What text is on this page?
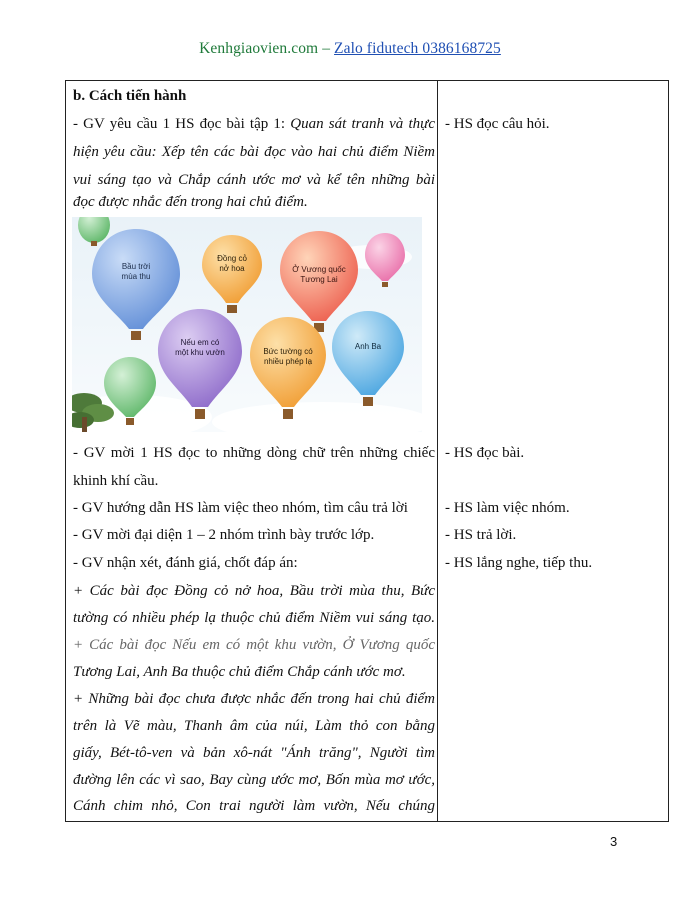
Kenhgiaovien.com – Zalo fidutech 0386168725
b. Cách tiến hành
- GV yêu cầu 1 HS đọc bài tập 1: Quan sát tranh và thực
hiện yêu cầu: Xếp tên các bài đọc vào hai chủ điểm Niềm
vui sáng tạo và Chắp cánh ước mơ và kể tên những bài
đọc được nhắc đến trong hai chủ điểm.
Bầu trời
mùa thu
Đồng cỏ
nở hoa	Ở Vương quốc
Tương Lai
Nếu em có
một khu vườn	Bức tường có
nhiều phép lạ
Anh Ba
- GV mời 1 HS đọc to những dòng chữ trên những chiếc
khinh khí cầu.
- GV hướng dẫn HS làm việc theo nhóm, tìm câu trả lời
- GV mời đại diện 1 – 2 nhóm trình bày trước lớp.
- GV nhận xét, đánh giá, chốt đáp án:
+ Các bài đọc Đồng cỏ nở hoa, Bầu trời mùa thu, Bức
tường có nhiều phép lạ thuộc chủ điểm Niềm vui sáng tạo.
+ Các bài đọc Nếu em có một khu vườn, Ở Vương quốc
Tương Lai, Anh Ba thuộc chủ điểm Chắp cánh ước mơ.
+ Những bài đọc chưa được nhắc đến trong hai chủ điểm
trên là Vẽ màu, Thanh âm của núi, Làm thỏ con bằng
giấy, Bét-tô-ven và bản xô-nát "Ánh trăng", Người tìm
đường lên các vì sao, Bay cùng ước mơ, Bốn mùa mơ ước,
Cánh chim nhỏ, Con trai người làm vườn, Nếu chúng
- HS đọc câu hỏi.
- HS đọc bài.
- HS làm việc nhóm.
- HS trả lời.
- HS lắng nghe, tiếp thu.
3
